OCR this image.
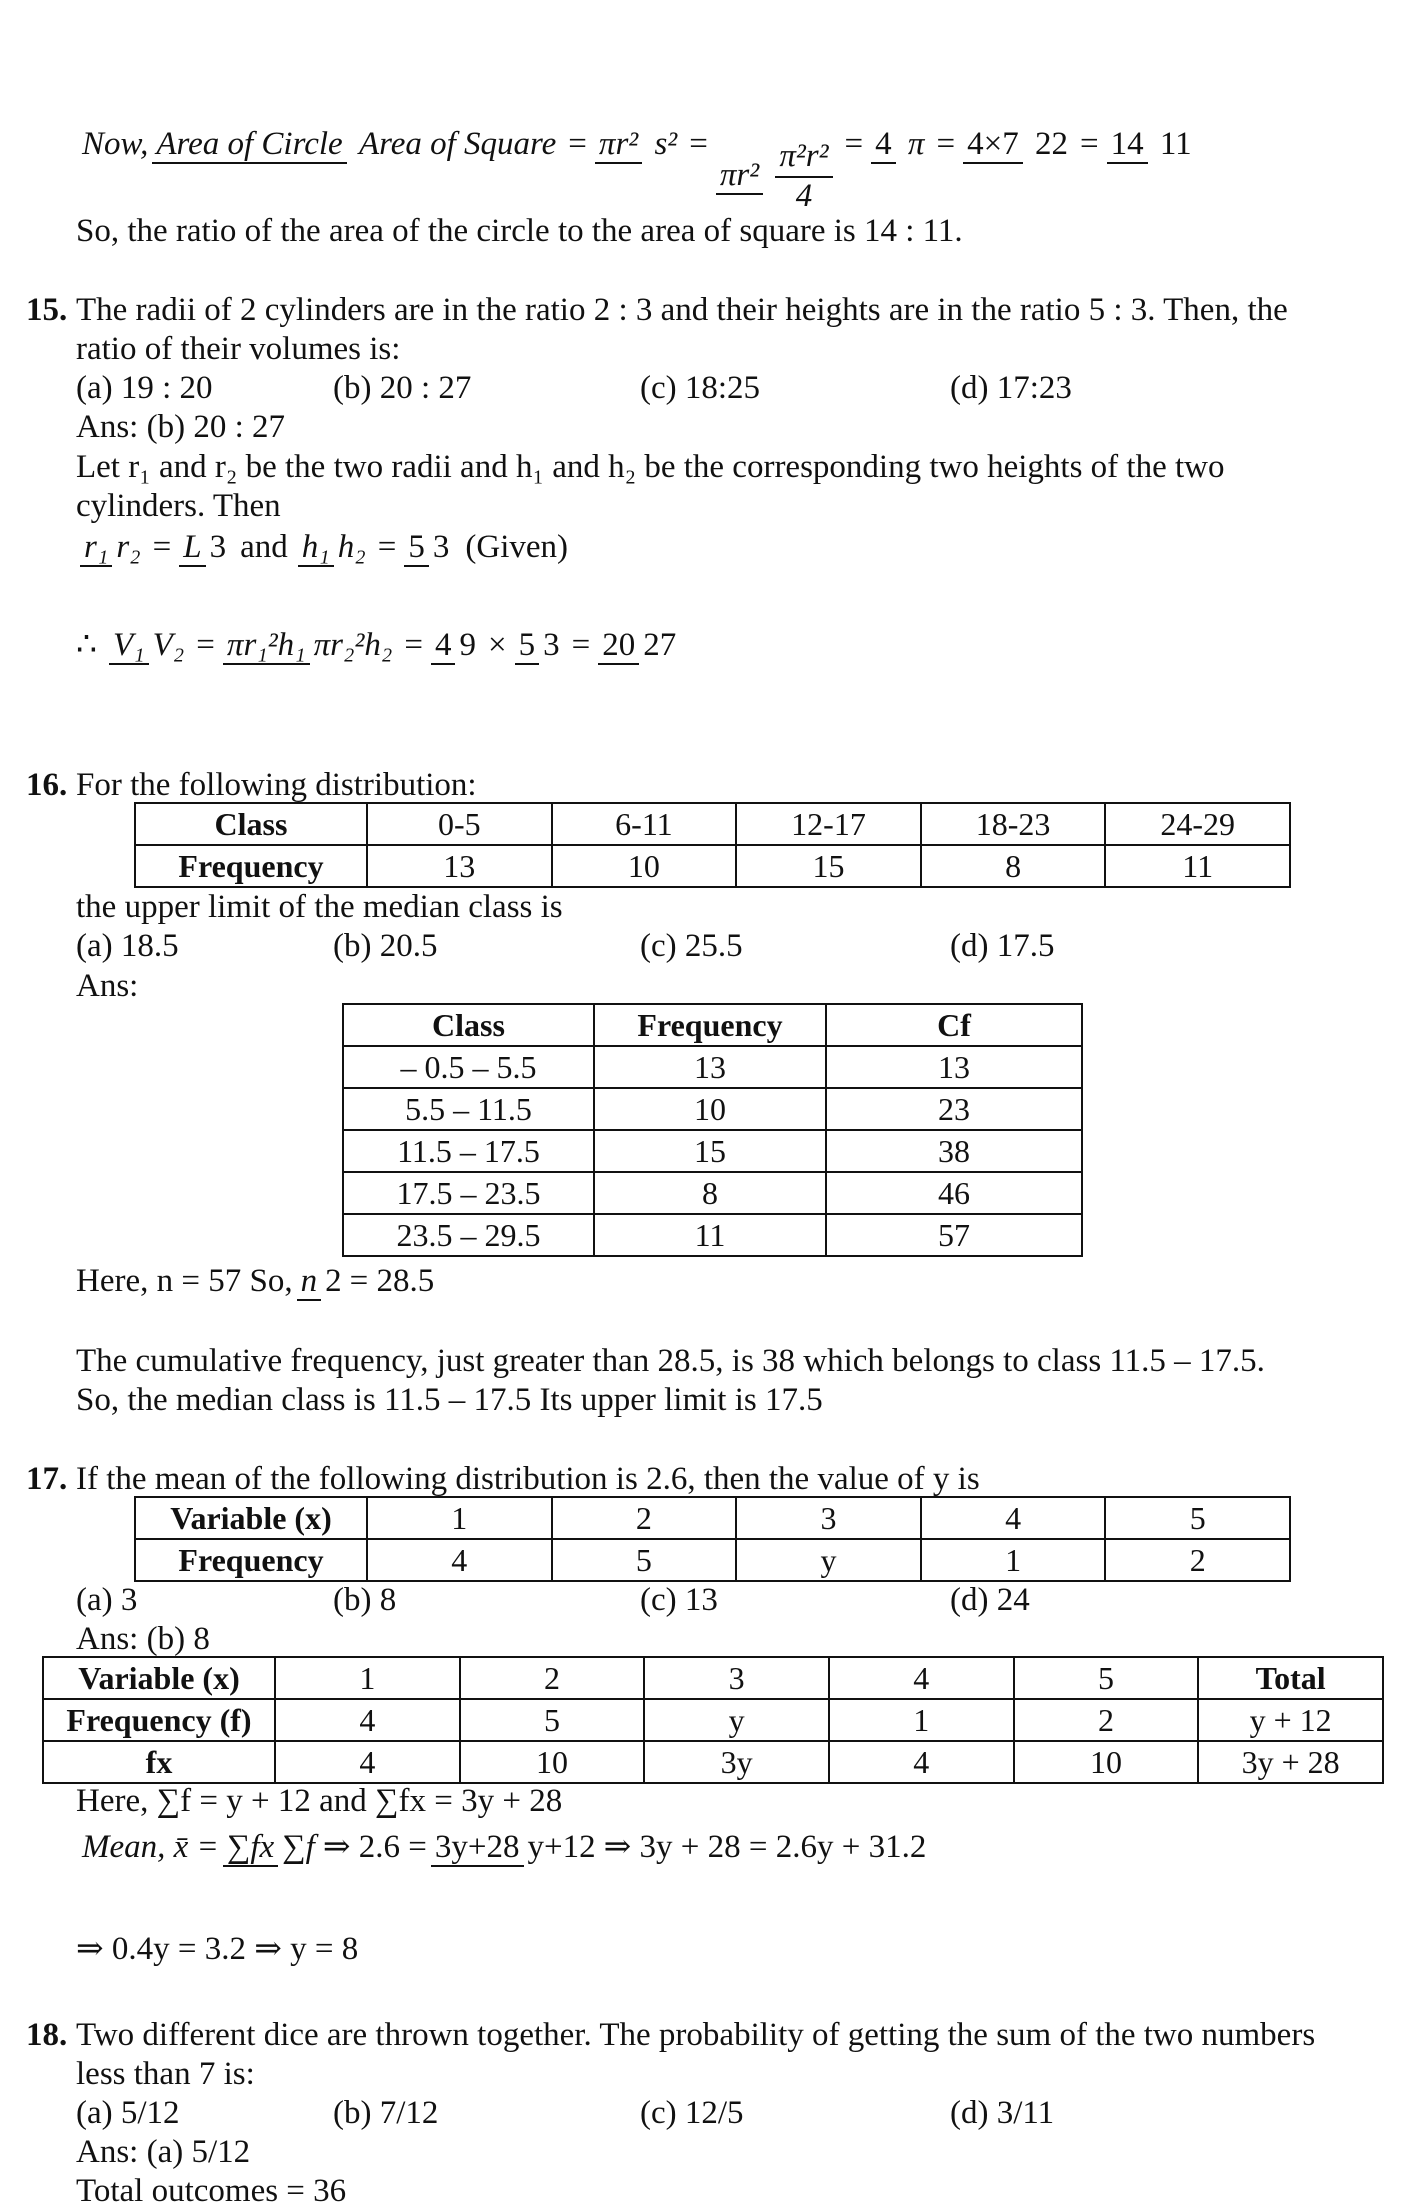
Now, Area of Circle Area of Square = πr² s² =
$\pi r^2 \frac{\text{π²r²}}{4} = 4$ π = 4×7 22 = 14 11
So, the ratio of the area of the circle to the area of square is 14 : 11.
15. The radii of 2 cylinders are in the ratio 2 : 3 and their heights are in the ratio 5 : 3. Then, the
ratio of their volumes is:
(a) 19 : 20	(b) 20 : 27	(c) 18:25	(d) 17:23
Ans: (b) 20 : 27
Let r₁ and r₂ be the two radii and h₁ and h₂ be the corresponding two heights of the two
cylinders. Then
r₁ r₂ = L 3 and h₁ h₂ = 5 3 (Given)
∴ V₁ V₂ = πr₁²h₁ πr₂²h₂ = 4 9 × 5 3 = 20 27
16. For the following distribution:
Class	0-5	6-11	12-17	18-23	24-29
Frequency	13	10	15	8	11
the upper limit of the median class is
(a) 18.5	(b) 20.5	(c) 25.5	(d) 17.5
Ans:
Class	Frequency	Cf
– 0.5 – 5.5	13	13
5.5 – 11.5	10	23
11.5 – 17.5	15	38
17.5 – 23.5	8	46
23.5 – 29.5	11	57
Here, n = 57 So, n 2 = 28.5
The cumulative frequency, just greater than 28.5, is 38 which belongs to class 11.5 – 17.5.
So, the median class is 11.5 – 17.5 Its upper limit is 17.5
17. If the mean of the following distribution is 2.6, then the value of y is
Variable (x)	1	2	3	4	5
Frequency	4	5	y	1	2
(a) 3	(b) 8	(c) 13	(d) 24
Ans: (b) 8
Variable (x)	1	2	3	4	5	Total
Frequency (f)	4	5	y	1	2	y + 12
fx	4	10	3y	4	10	3y + 28
Here, ∑f = y + 12 and ∑fx = 3y + 28
Mean, x̄ = ∑fx ∑f ⇒ 2.6 = 3y+28 y+12 ⇒ 3y + 28 = 2.6y + 31.2
⇒ 0.4y = 3.2 ⇒ y = 8
18. Two different dice are thrown together. The probability of getting the sum of the two numbers
less than 7 is:
(a) 5/12	(b) 7/12	(c) 12/5	(d) 3/11
Ans: (a) 5/12
Total outcomes = 36
